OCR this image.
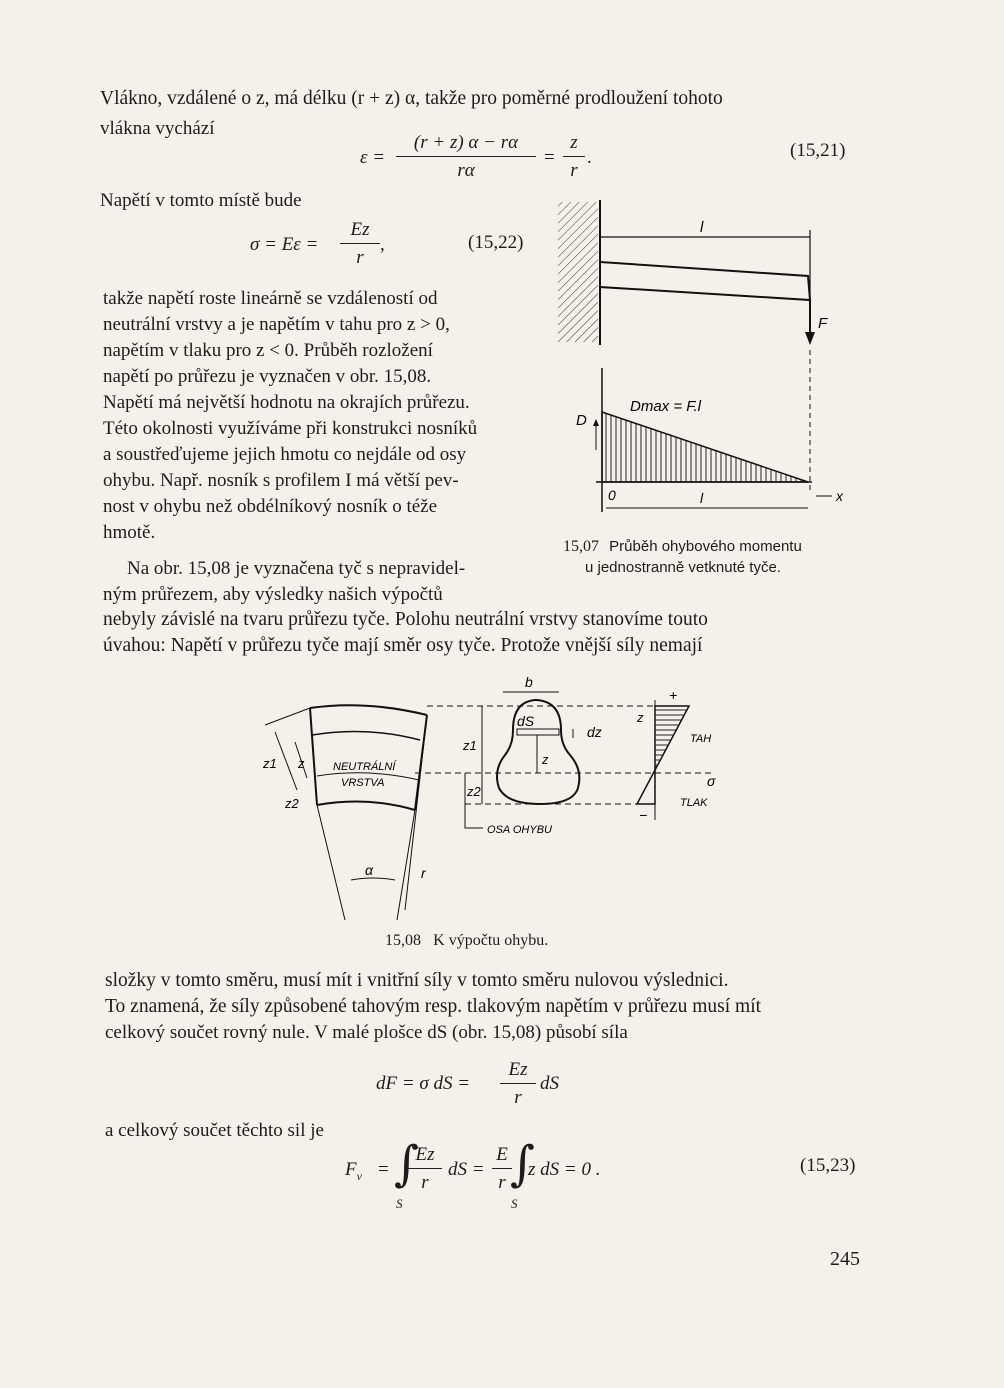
Vlákno, vzdálené o z, má délku (r + z) α, takže pro poměrné prodloužení tohoto
vlákna vychází
$\varepsilon = \frac{(r + z) \alpha - r\alpha}{r\alpha} = \frac{z}{r}$ .	(15,21)
Napětí v tomto místě bude
$\sigma = E\varepsilon = \frac{Ez}{r}$ ,	(15,22)
takže napětí roste lineárně se vzdáleností od
neutrální vrstvy a je napětím v tahu pro z > 0,
napětím v tlaku pro z < 0. Průběh rozložení
napětí po průřezu je vyznačen v obr. 15,08.
Napětí má největší hodnotu na okrajích průřezu.
Této okolnosti využíváme při konstrukci nosníků
a soustřeďujeme jejich hmotu co nejdále od osy
ohybu. Např. nosník s profilem I má větší pev-
nost v ohybu než obdélníkový nosník o téže
hmotě.
Na obr. 15,08 je vyznačena tyč s nepravidel-
ným průřezem, aby výsledky našich výpočtů
nebyly závislé na tvaru průřezu tyče. Polohu neutrální vrstvy stanovíme touto
úvahou: Napětí v průřezu tyče mají směr osy tyče. Protože vnější síly nemají
l
F
D
Dmax = F.l
0	l	x
15,07 Průběh ohybového momentu
u jednostranně vetknuté tyče.
z1 z
z2
NEUTRÁLNÍ
VRSTVA
α	r
dS
dz
b
z1
z2
z
OSA OHYBU
+
z
TAH
σ
TLAK
−
15,08 K výpočtu ohybu.
složky v tomto směru, musí mít i vnitřní síly v tomto směru nulovou výslednici.
To znamená, že síly způsobené tahovým resp. tlakovým napětím v průřezu musí mít
celkový součet rovný nule. V malé plošce dS (obr. 15,08) působí síla
dF = σ dS = $\frac{Ez}{r}$ dS
a celkový součet těchto sil je
$F_v$ = ∫
S
$\frac{Ez}{r}$ dS = $\frac{E}{r}$
∫
S
z dS = 0 .	(15,23)
245
